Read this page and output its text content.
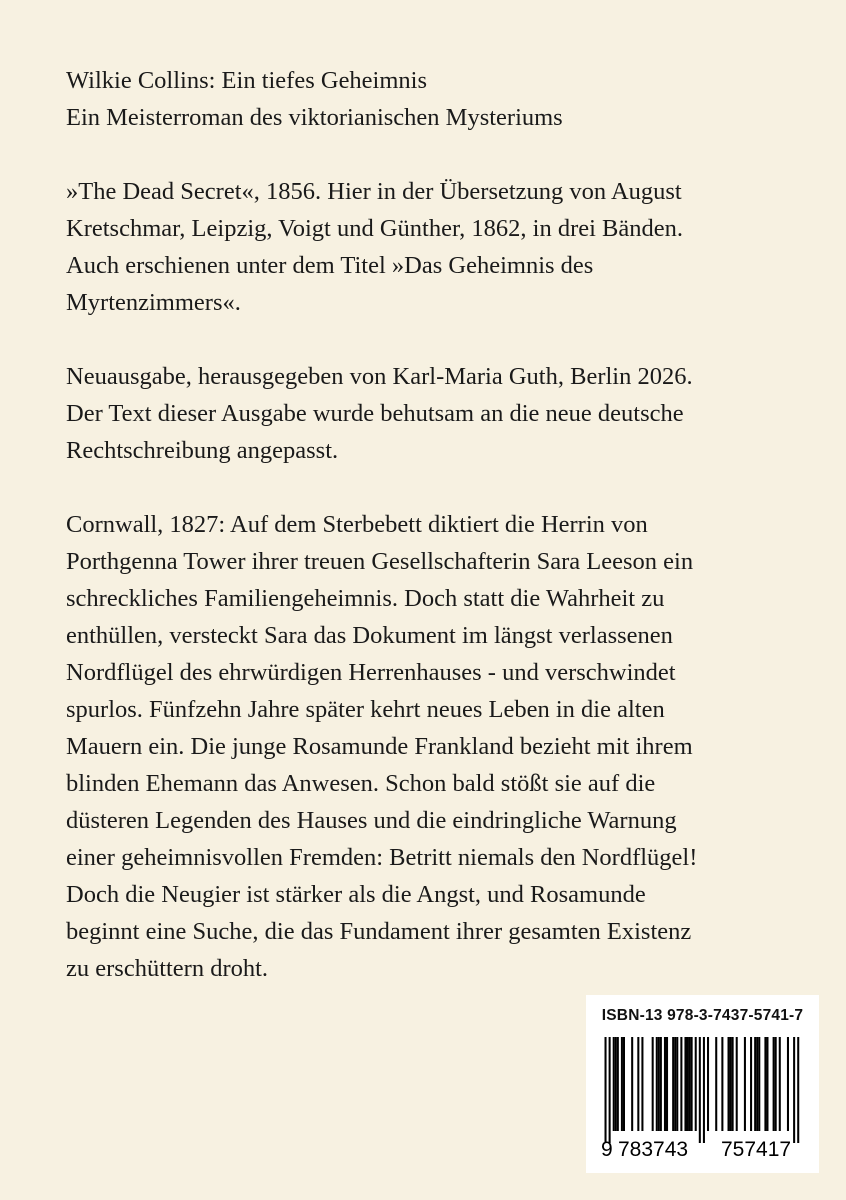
Wilkie Collins: Ein tiefes Geheimnis
Ein Meisterroman des viktorianischen Mysteriums
»The Dead Secret«, 1856. Hier in der Übersetzung von August
Kretschmar, Leipzig, Voigt und Günther, 1862, in drei Bänden.
Auch erschienen unter dem Titel »Das Geheimnis des
Myrtenzimmers«.
Neuausgabe, herausgegeben von Karl-Maria Guth, Berlin 2026.
Der Text dieser Ausgabe wurde behutsam an die neue deutsche
Rechtschreibung angepasst.
Cornwall, 1827: Auf dem Sterbebett diktiert die Herrin von
Porthgenna Tower ihrer treuen Gesellschafterin Sara Leeson ein
schreckliches Familiengeheimnis. Doch statt die Wahrheit zu
enthüllen, versteckt Sara das Dokument im längst verlassenen
Nordflügel des ehrwürdigen Herrenhauses - und verschwindet
spurlos. Fünfzehn Jahre später kehrt neues Leben in die alten
Mauern ein. Die junge Rosamunde Frankland bezieht mit ihrem
blinden Ehemann das Anwesen. Schon bald stößt sie auf die
düsteren Legenden des Hauses und die eindringliche Warnung
einer geheimnisvollen Fremden: Betritt niemals den Nordflügel!
Doch die Neugier ist stärker als die Angst, und Rosamunde
beginnt eine Suche, die das Fundament ihrer gesamten Existenz
zu erschüttern droht.
ISBN-13 978-3-7437-5741-7
9 783743 757417
